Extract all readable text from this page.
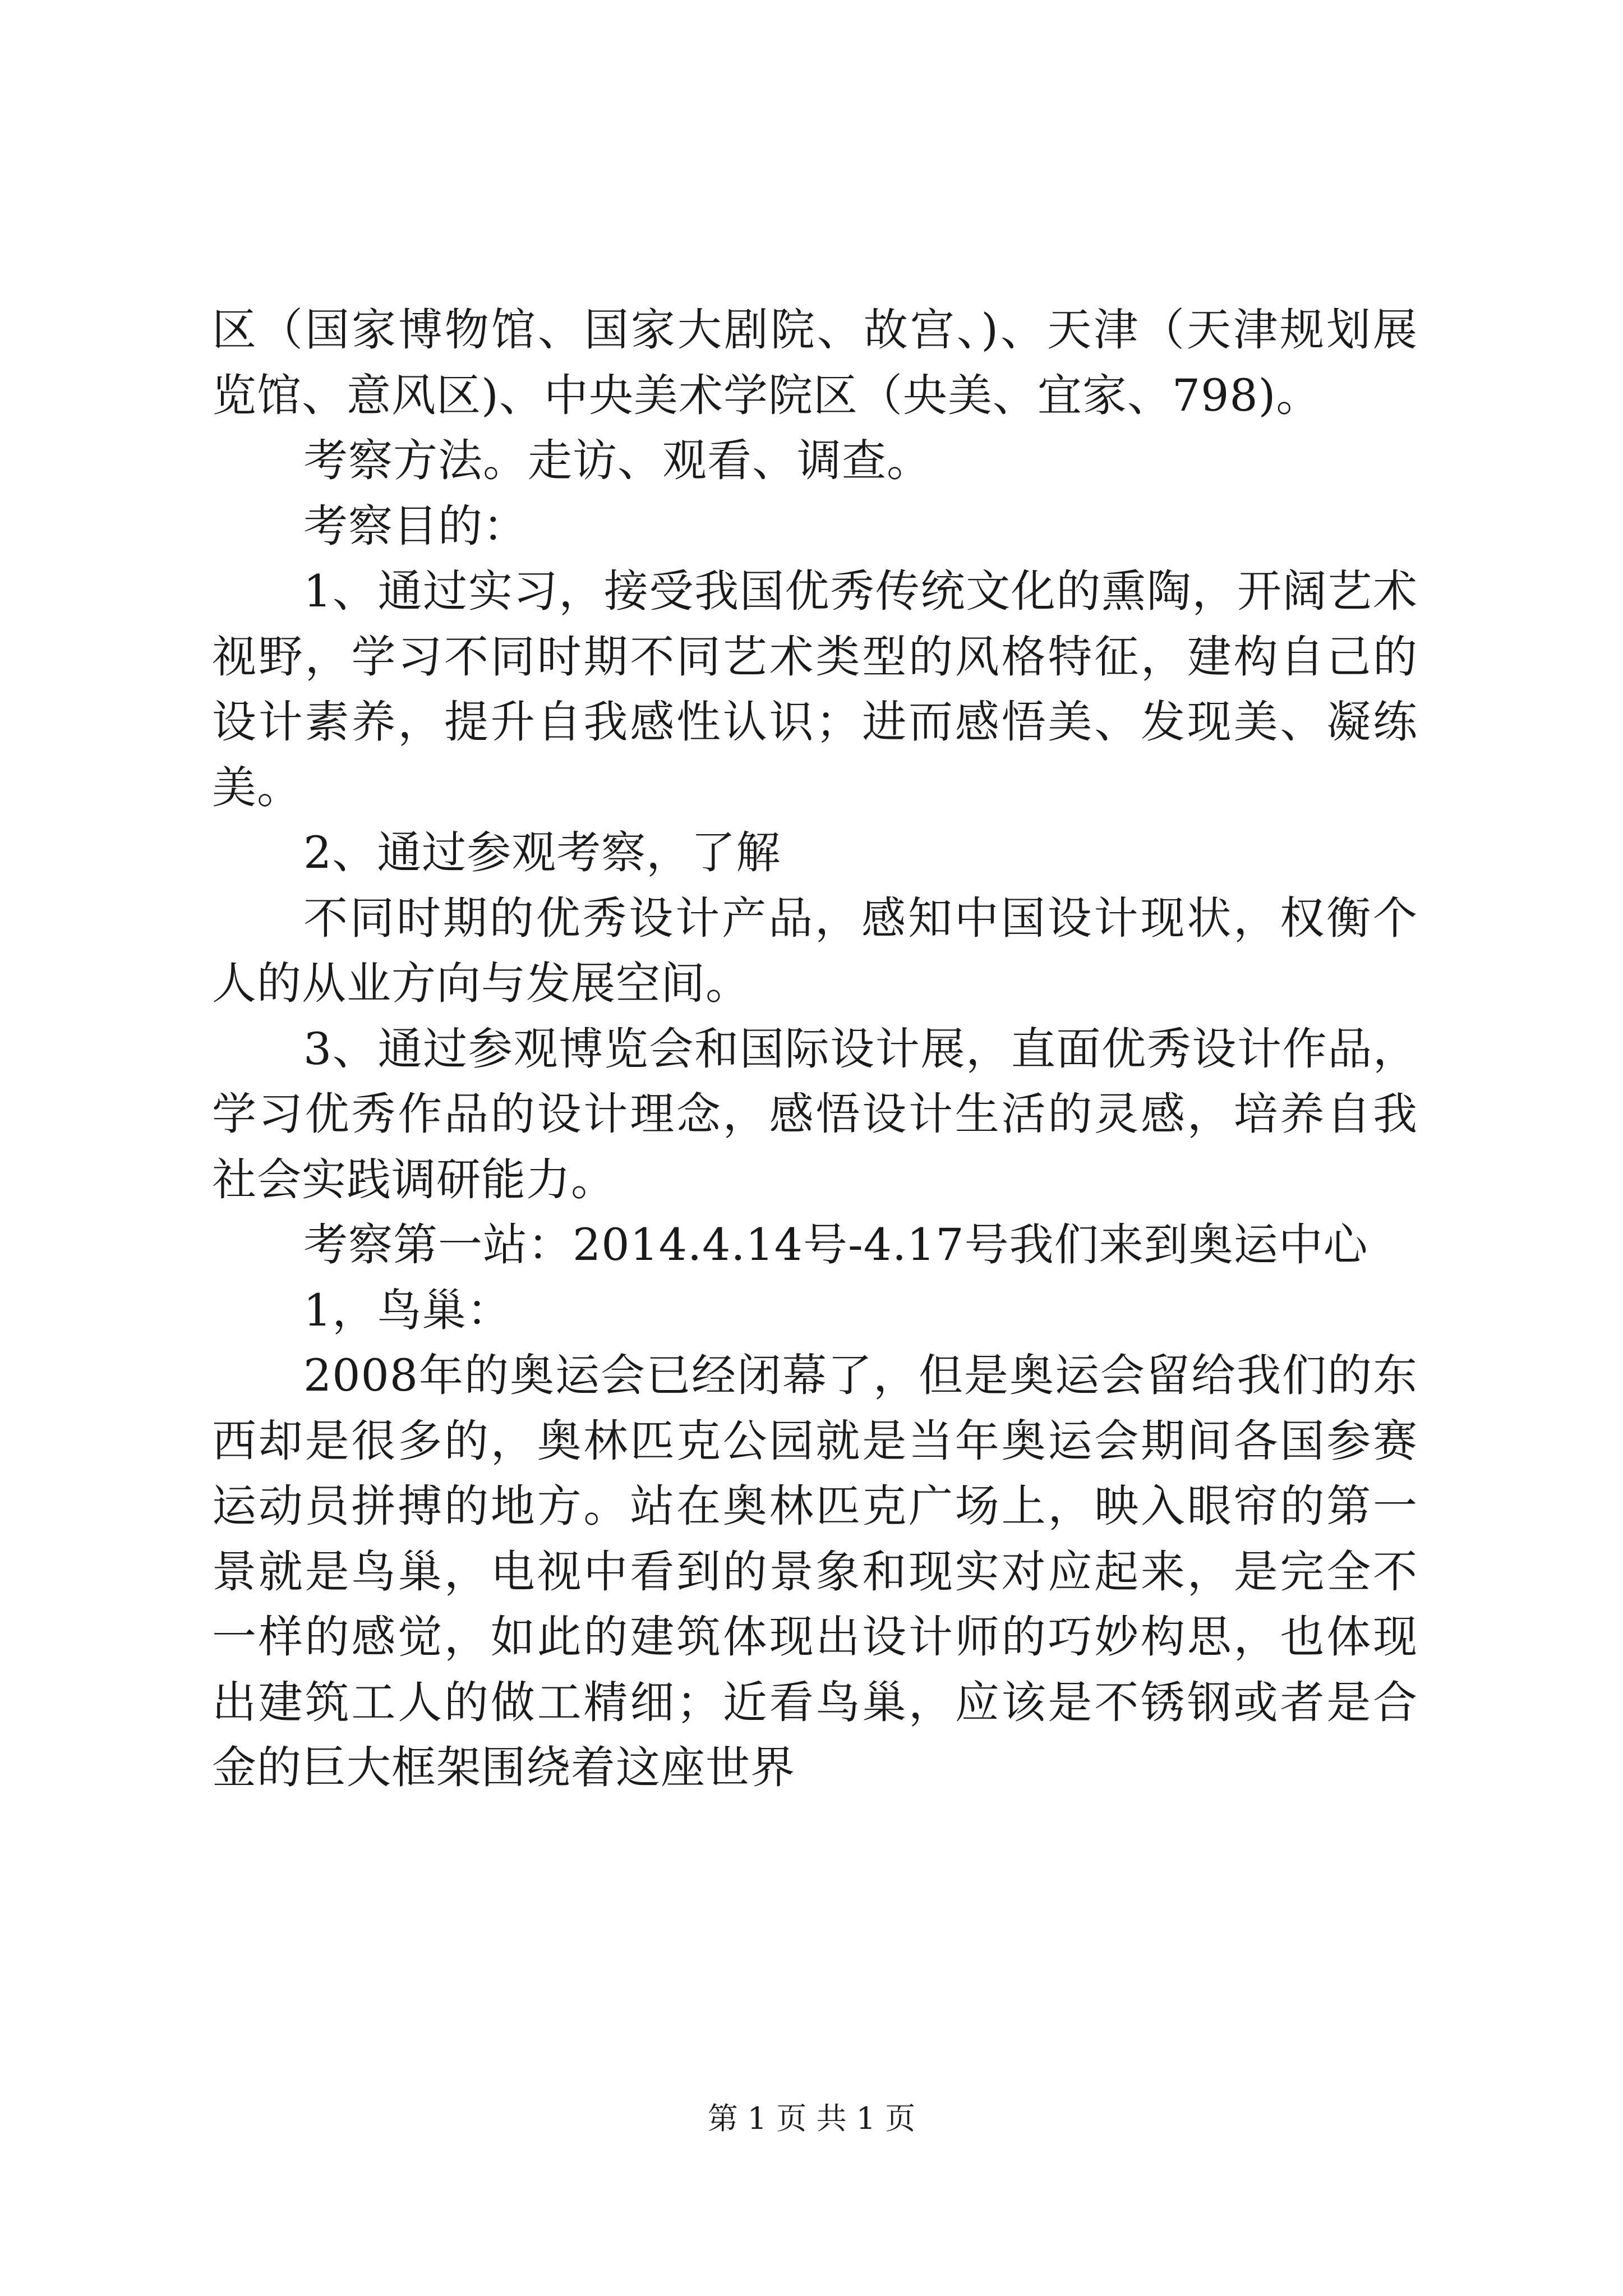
区（国家博物馆、国家大剧院、故宫、)、天津（天津规划展览馆、意风区)、中央美术学院区（央美、宜家、798)。

考察方法。走访、观看、调查。

考察目的：

1、通过实习，接受我国优秀传统文化的熏陶，开阔艺术视野，学习不同时期不同艺术类型的风格特征，建构自己的设计素养，提升自我感性认识；进而感悟美、发现美、凝练美。

2、通过参观考察，了解

不同时期的优秀设计产品，感知中国设计现状，权衡个人的从业方向与发展空间。

3、通过参观博览会和国际设计展，直面优秀设计作品，学习优秀作品的设计理念，感悟设计生活的灵感，培养自我社会实践调研能力。

考察第一站：2014.4.14号-4.17号我们来到奥运中心

1，鸟巢：

2008年的奥运会已经闭幕了，但是奥运会留给我们的东西却是很多的，奥林匹克公园就是当年奥运会期间各国参赛运动员拼搏的地方。站在奥林匹克广场上，映入眼帘的第一景就是鸟巢，电视中看到的景象和现实对应起来，是完全不一样的感觉，如此的建筑体现出设计师的巧妙构思，也体现出建筑工人的做工精细；近看鸟巢，应该是不锈钢或者是合金的巨大框架围绕着这座世界

第 1 页 共 1 页
